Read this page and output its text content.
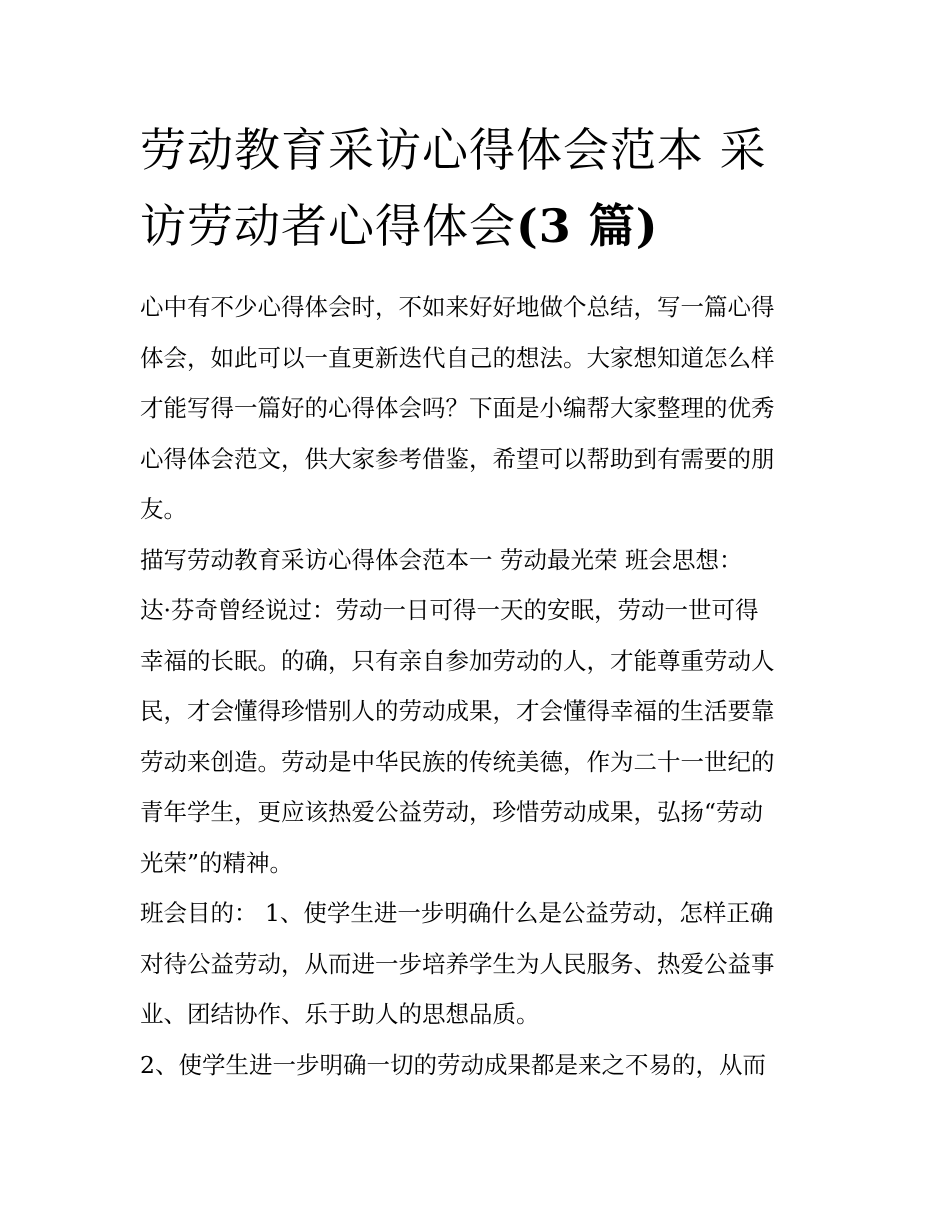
劳动教育采访心得体会范本 采
访劳动者心得体会(3 篇)

心中有不少心得体会时，不如来好好地做个总结，写一篇心得
体会，如此可以一直更新迭代自己的想法。大家想知道怎么样
才能写得一篇好的心得体会吗？下面是小编帮大家整理的优秀
心得体会范文，供大家参考借鉴，希望可以帮助到有需要的朋
友。

描写劳动教育采访心得体会范本一 劳动最光荣 班会思想：

达·芬奇曾经说过：劳动一日可得一天的安眠，劳动一世可得
幸福的长眠。的确，只有亲自参加劳动的人，才能尊重劳动人
民，才会懂得珍惜别人的劳动成果，才会懂得幸福的生活要靠
劳动来创造。劳动是中华民族的传统美德，作为二十一世纪的
青年学生，更应该热爱公益劳动，珍惜劳动成果，弘扬“劳动
光荣”的精神。

班会目的： 1、使学生进一步明确什么是公益劳动，怎样正确
对待公益劳动，从而进一步培养学生为人民服务、热爱公益事
业、团结协作、乐于助人的思想品质。

2、使学生进一步明确一切的劳动成果都是来之不易的，从而
